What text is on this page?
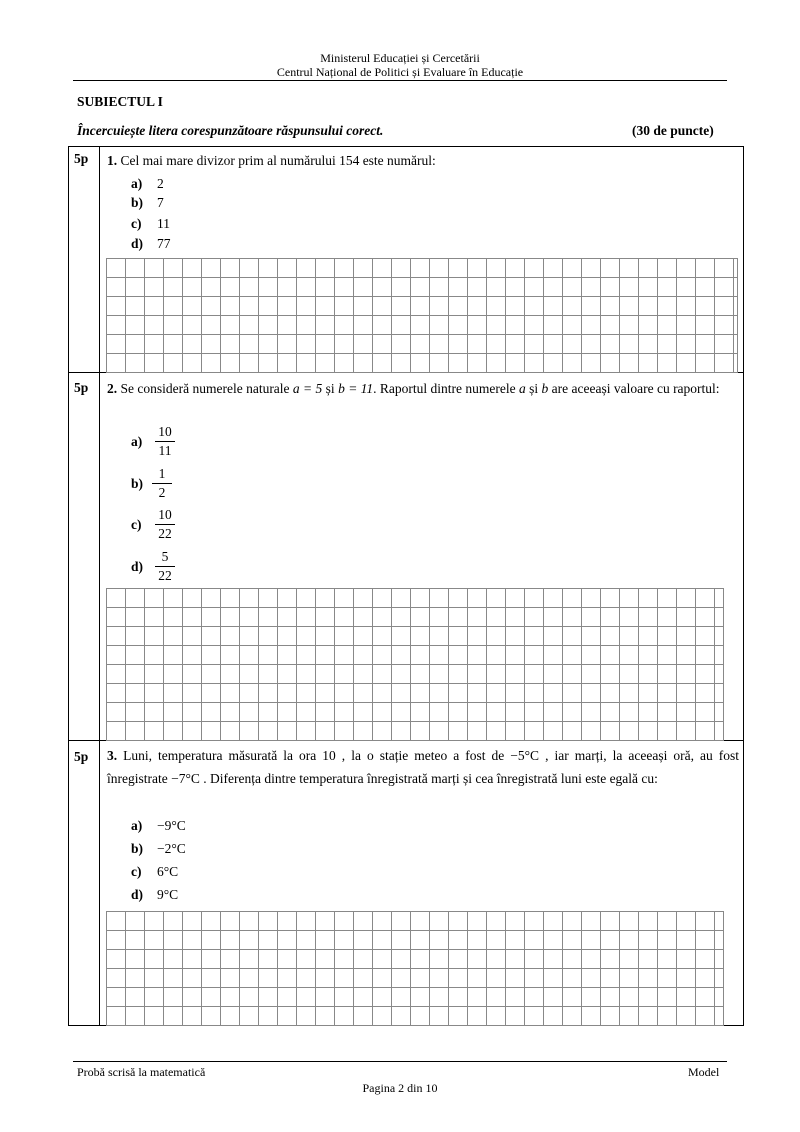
Ministerul Educației și Cercetării
Centrul Național de Politici și Evaluare în Educație
SUBIECTUL I
Încercuiește litera corespunzătoare răspunsului corect.	(30 de puncte)
5p 1. Cel mai mare divizor prim al numărului 154 este numărul:
a) 2
b) 7
c) 11
d) 77
5p 2. Se consideră numerele naturale a = 5 și b = 11. Raportul dintre numerele a și b are aceeași valoare cu raportul:
a)
10
11
b)
1
2
c)
10
22
d)
5
22
5p 3. Luni, temperatura măsurată la ora 10 , la o stație meteo a fost de −5°C , iar marți, la aceeași oră, au fost înregistrate −7°C . Diferența dintre temperatura înregistrată marți și cea înregistrată luni este egală cu:
a) −9°C
b) −2°C
c) 6°C
d) 9°C
Probă scrisă la matematică	Model
Pagina 2 din 10
